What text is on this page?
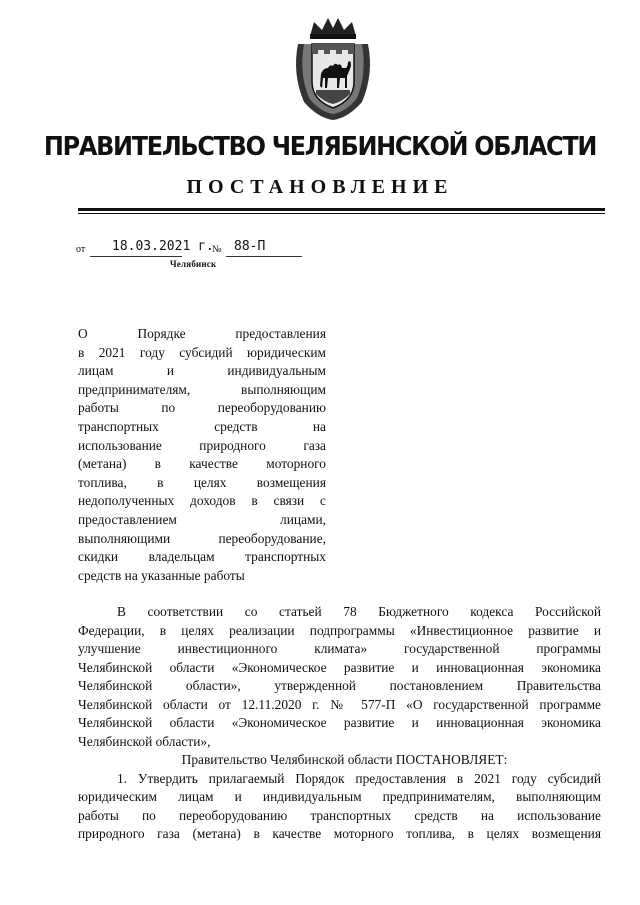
ПРАВИТЕЛЬСТВО ЧЕЛЯБИНСКОЙ ОБЛАСТИ
ПОСТАНОВЛЕНИЕ
от 18.03.2021 г.
№ 88-П
Челябинск
О Порядке предоставления
в 2021 году субсидий юридическим
лицам и индивидуальным
предпринимателям, выполняющим
работы по переоборудованию
транспортных средств на
использование природного газа
(метана) в качестве моторного
топлива, в целях возмещения
недополученных доходов в связи с
предоставлением лицами,
выполняющими переоборудование,
скидки владельцам транспортных
средств на указанные работы
В соответствии со статьей 78 Бюджетного кодекса Российской
Федерации, в целях реализации подпрограммы «Инвестиционное развитие и
улучшение инвестиционного климата» государственной программы
Челябинской области «Экономическое развитие и инновационная экономика
Челябинской области», утвержденной постановлением Правительства
Челябинской области от 12.11.2020 г. № 577-П «О государственной программе
Челябинской области «Экономическое развитие и инновационная экономика
Челябинской области»,
Правительство Челябинской области ПОСТАНОВЛЯЕТ:
1. Утвердить прилагаемый Порядок предоставления в 2021 году субсидий
юридическим лицам и индивидуальным предпринимателям, выполняющим
работы по переоборудованию транспортных средств на использование
природного газа (метана) в качестве моторного топлива, в целях возмещения
